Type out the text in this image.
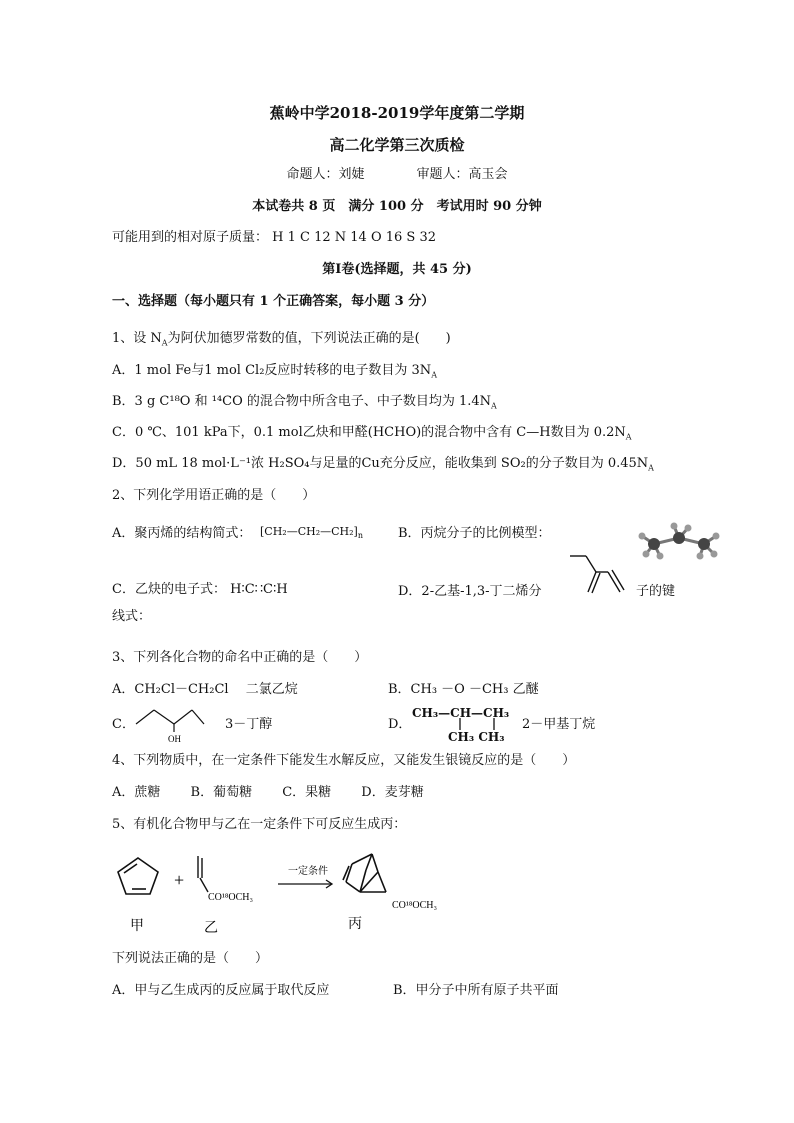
蕉岭中学2018-2019学年度第二学期
高二化学第三次质检
命题人：刘婕　　　　审题人：高玉会
本试卷共 8 页　满分 100 分　考试用时 90 分钟
可能用到的相对原子质量： H 1 C 12 N 14 O 16 S 32
第Ⅰ卷(选择题，共 45 分)
一、选择题（每小题只有 1 个正确答案，每小题 3 分）
1、设 $N_A$为阿伏加德罗常数的值，下列说法正确的是(　　)
A．1 mol Fe与1 mol Cl₂反应时转移的电子数目为 $3N_A$
B．3 g C¹⁸O 和 ¹⁴CO 的混合物中所含电子、中子数目均为 $1.4N_A$
C．0 ℃、101 kPa下，0.1 mol乙炔和甲醛(HCHO)的混合物中含有 C—H数目为 $0.2N_A$
D．50 mL 18 mol·L⁻¹浓 H₂SO₄与足量的Cu充分反应，能收集到 SO₂的分子数目为 $0.45N_A$
2、下列化学用语正确的是（　　）
A．聚丙烯的结构简式： $[CH_2—CH_2—CH_2]_n$	B．丙烷分子的比例模型：
C．乙炔的电子式： H∶C∷C∶H	D．2-乙基-1,3-丁二烯分	子的键
线式：
3、下列各化合物的命名中正确的是（　　）
A．CH₂Cl－CH₂Cl　 二氯乙烷	B．CH₃ －O －CH₃ 乙醚
C．
OH
3－丁醇	D．
CH₃—CH—CH₃
CH₃ CH₃
2－甲基丁烷
4、下列物质中，在一定条件下能发生水解反应，又能发生银镜反应的是（　　）
A．蔗糖　　 B．葡萄糖　　 C．果糖　　 D．麦芽糖
5、有机化合物甲与乙在一定条件下可反应生成丙：
+
CO¹⁸OCH₃
一定条件
CO¹⁸OCH₃
甲	乙	丙
下列说法正确的是（　　）
A．甲与乙生成丙的反应属于取代反应	B．甲分子中所有原子共平面
